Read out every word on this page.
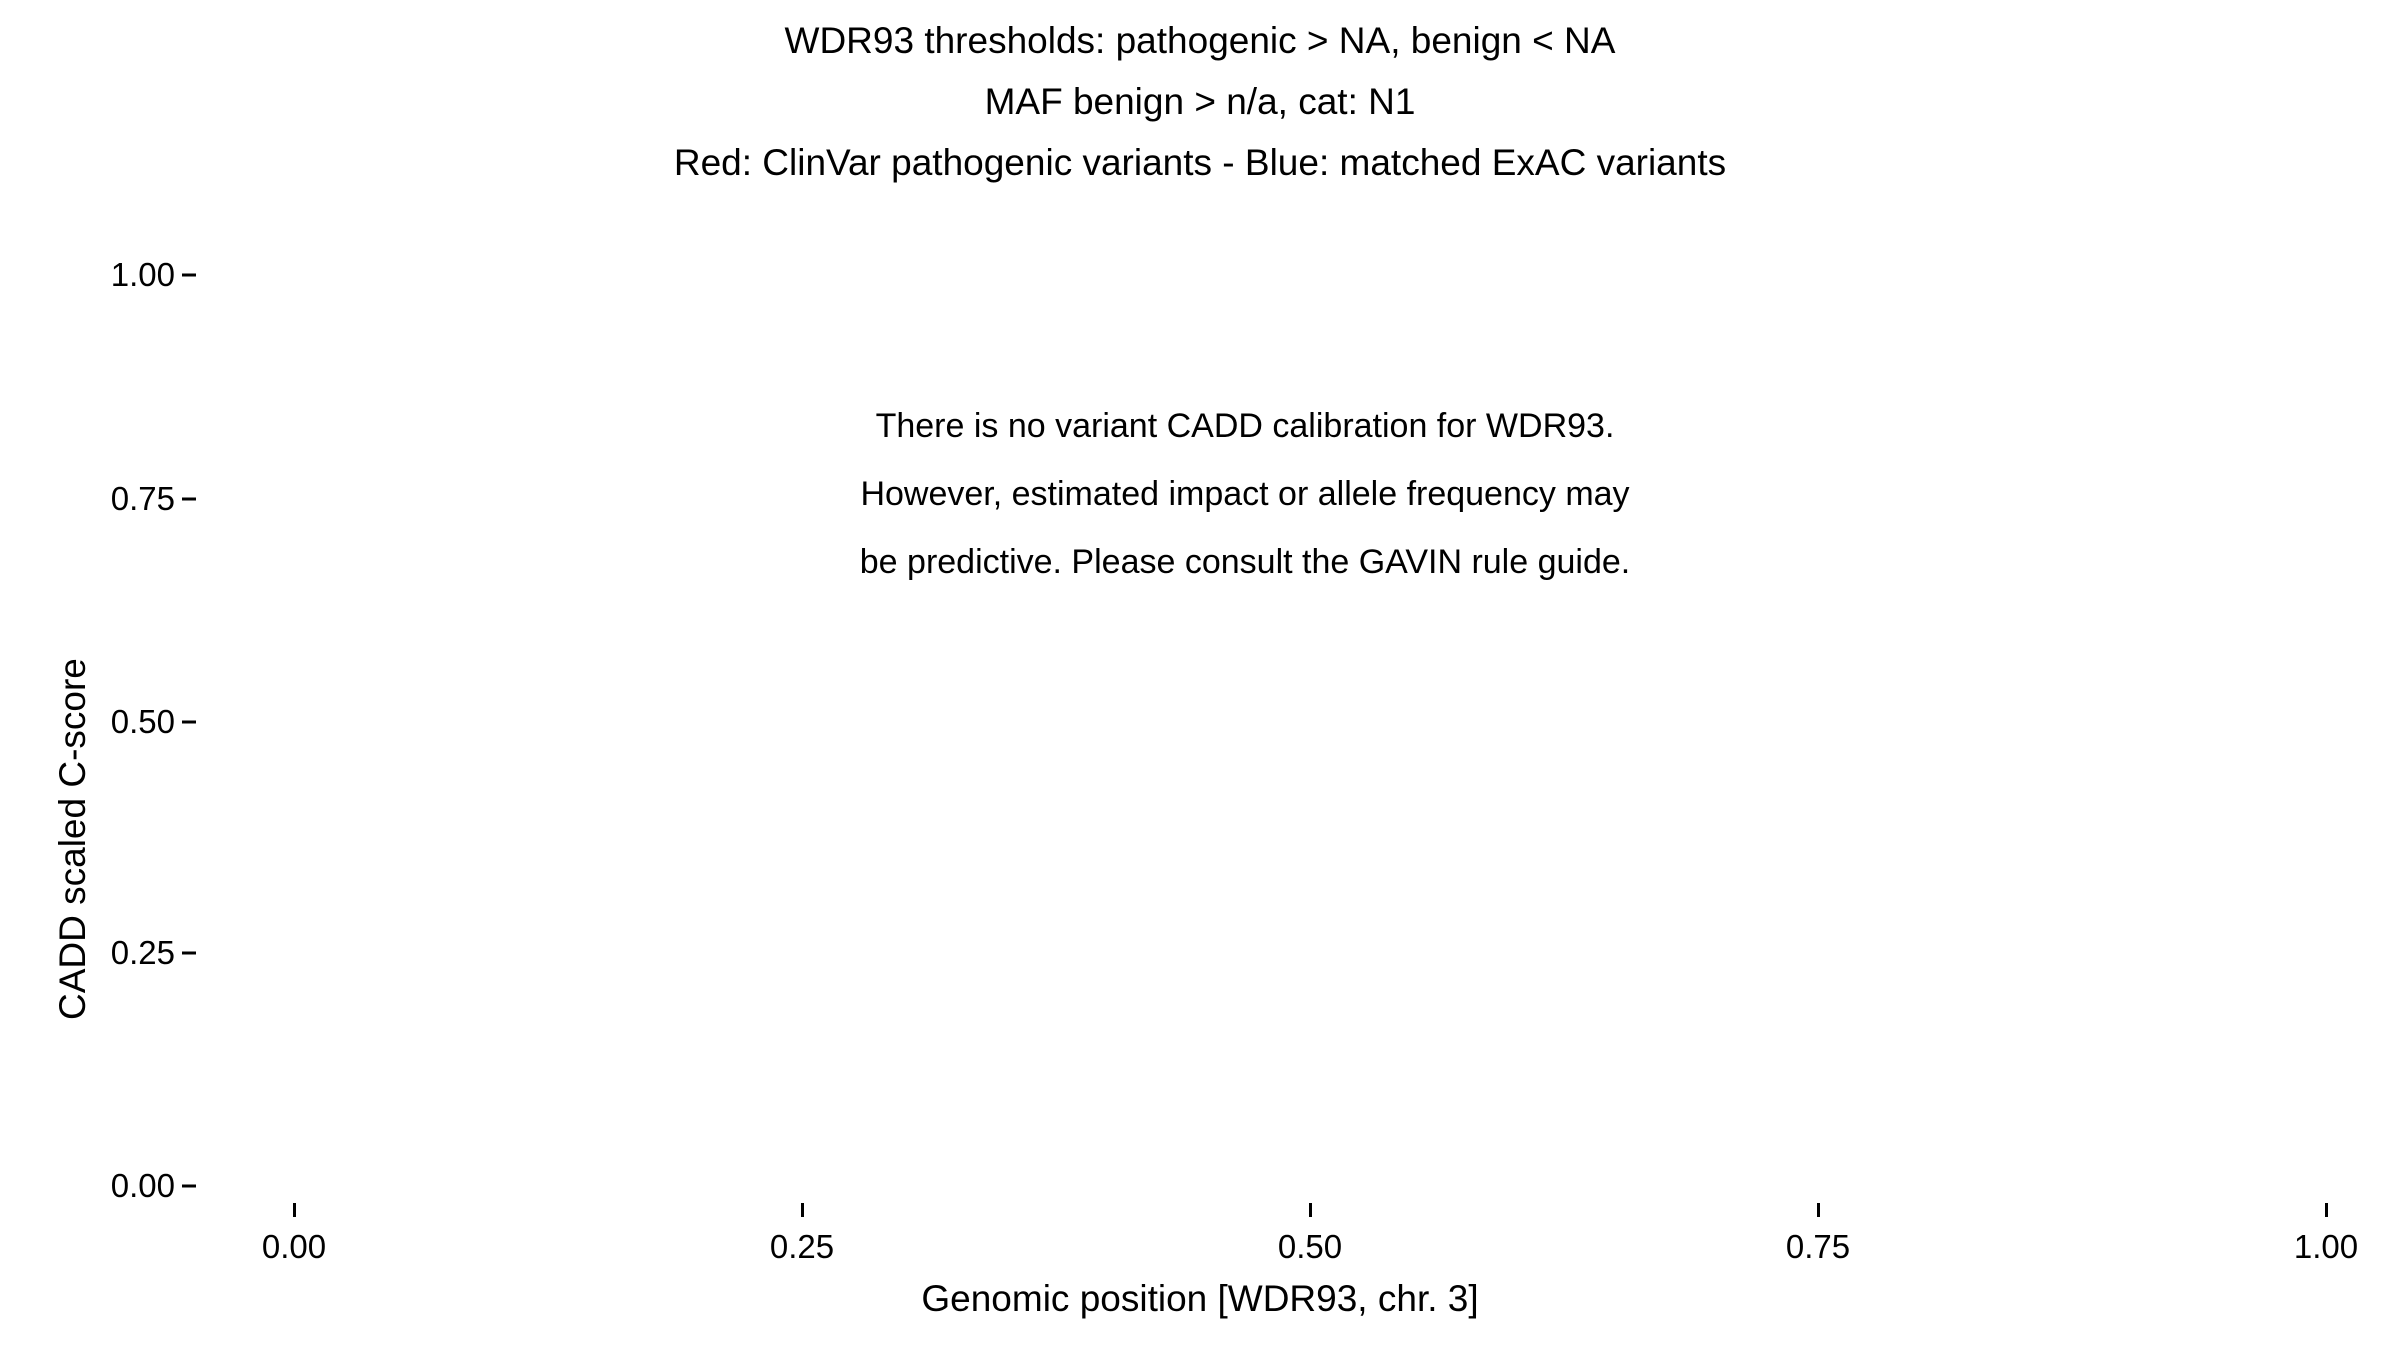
WDR93 thresholds: pathogenic > NA, benign < NA
MAF benign > n/a, cat: N1
Red: ClinVar pathogenic variants - Blue: matched ExAC variants
CADD scaled C-score
0.00
0.25
0.50
0.75
1.00
0.00	0.25	0.50	0.75	1.00
Genomic position [WDR93, chr. 3]
There is no variant CADD calibration for WDR93.
However, estimated impact or allele frequency may
be predictive. Please consult the GAVIN rule guide.
